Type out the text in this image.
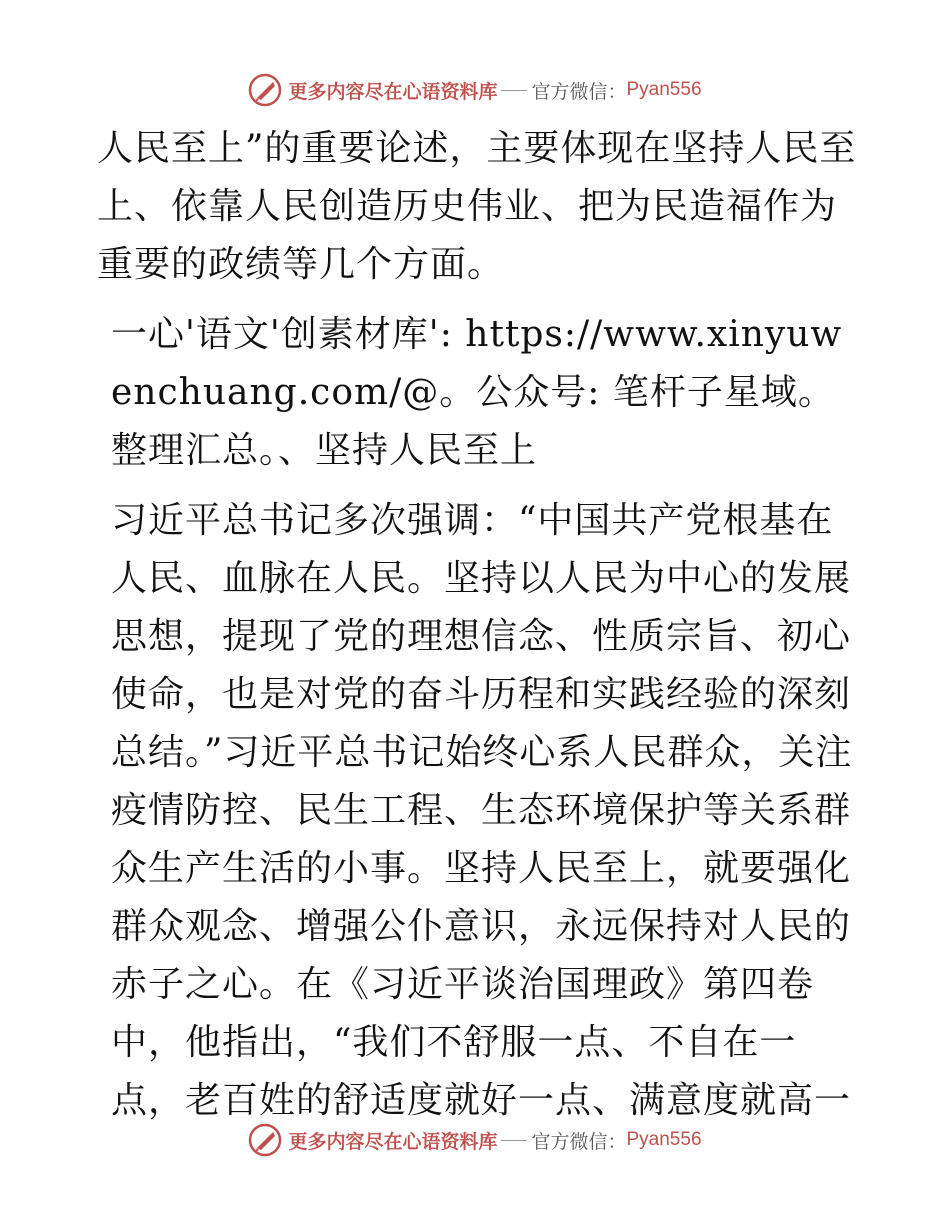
更多内容尽在心语资料库 官方微信： Pyan556

人民至上”的重要论述，主要体现在坚持人民至上、依靠人民创造历史伟业、把为民造福作为重要的政绩等几个方面。

一心'语文'创素材库': https://www.xinyuwenchuang.com/@。公众号: 笔杆子星域。整理汇总。、坚持人民至上

习近平总书记多次强调：“中国共产党根基在人民、血脉在人民。坚持以人民为中心的发展思想，提现了党的理想信念、性质宗旨、初心使命，也是对党的奋斗历程和实践经验的深刻总结。”习近平总书记始终心系人民群众，关注疫情防控、民生工程、生态环境保护等关系群众生产生活的小事。坚持人民至上，就要强化群众观念、增强公仆意识，永远保持对人民的赤子之心。在《习近平谈治国理政》第四卷中，他指出，“我们不舒服一点、不自在一点，老百姓的舒适度就好一点、满意度就高一

更多内容尽在心语资料库 官方微信： Pyan556
